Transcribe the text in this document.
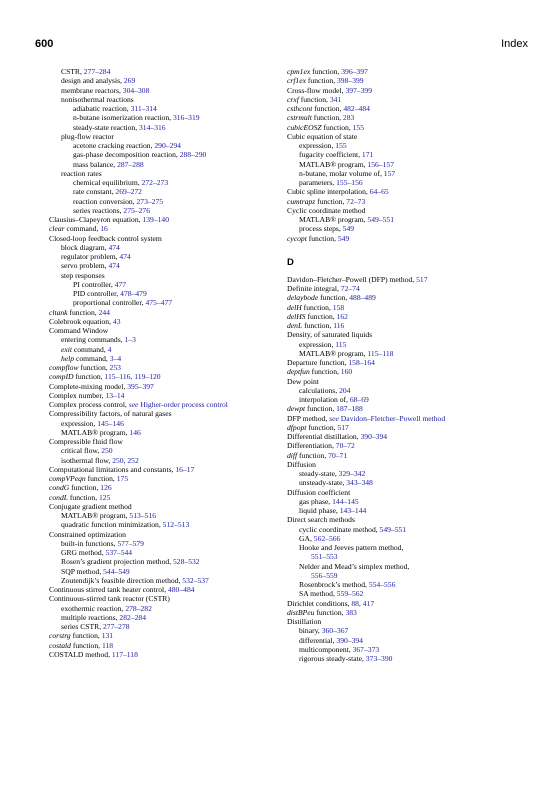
600	Index
CSTR, 277–284
design and analysis, 269
membrane reactors, 304–308
nonisothermal reactions
adiabatic reaction, 311–314
n-butane isomerization reaction, 316–319
steady-state reaction, 314–316
plug-flow reactor
acetone cracking reaction, 290–294
gas-phase decomposition reaction, 288–290
mass balance, 287–288
reaction rates
chemical equilibrium, 272–273
rate constant, 269–272
reaction conversion, 273–275
series reactions, 275–276
Clausius–Clapeyron equation, 139–140
clear command, 16
Closed-loop feedback control system
block diagram, 474
regulator problem, 474
servo problem, 474
step responses
PI controller, 477
PID controller, 478–479
proportional controller, 475–477
cltank function, 244
Colebrook equation, 43
Command Window
entering commands, 1–3
exit command, 4
help command, 3–4
compflow function, 253
compID function, 115–116, 119–120
Complete-mixing model, 395–397
Complex number, 13–14
Complex process control, see Higher-order process control
Compressibility factors, of natural gases
expression, 145–146
MATLAB® program, 146
Compressible fluid flow
critical flow, 250
isothermal flow, 250, 252
Computational limitations and constants, 16–17
compVPeqn function, 175
condG function, 126
condL function, 125
Conjugate gradient method
MATLAB® program, 513–516
quadratic function minimization, 512–513
Constrained optimization
built-in functions, 577–579
GRG method, 537–544
Rosen’s gradient projection method, 528–532
SQP method, 544–549
Zoutendijk’s feasible direction method, 532–537
Continuous stirred tank heater control, 480–484
Continuous-stirred tank reactor (CSTR)
exothermic reaction, 278–282
multiple reactions, 282–284
series CSTR, 277–278
corstrg function, 131
costald function, 118
COSTALD method, 117–118
cpm1ex function, 396–397
crf1ex function, 398–399
Cross-flow model, 397–399
crxf function, 341
csthcont function, 482–484
cstrmult function, 283
cubicEOSZ function, 155
Cubic equation of state
expression, 155
fugacity coefficient, 171
MATLAB® program, 156–157
n-butane, molar volume of, 157
parameters, 155–156
Cubic spline interpolation, 64–65
cumtrapz function, 72–73
Cyclic coordinate method
MATLAB® program, 549–551
process steps, 549
cycopt function, 549
D
Davidon–Fletcher–Powell (DFP) method, 517
Definite integral, 72–74
delaybode function, 488–489
delH function, 158
delHS function, 162
denL function, 116
Density, of saturated liquids
expression, 115
MATLAB® program, 115–118
Departure function, 158–164
deptfun function, 160
Dew point
calculations, 204
interpolation of, 68–69
dewpt function, 187–188
DFP method, see Davidon–Fletcher–Powell method
dfpopt function, 517
Differential distillation, 390–394
Differentiation, 70–72
diff function, 70–71
Diffusion
steady-state, 329–342
unsteady-state, 343–348
Diffusion coefficient
gas phase, 144–145
liquid phase, 143–144
Direct search methods
cyclic coordinate method, 549–551
GA, 562–566
Hooke and Jeeves pattern method,
551–553
Nelder and Mead’s simplex method,
556–559
Rosenbrock’s method, 554–556
SA method, 559–562
Dirichlet conditions, 88, 417
distBPeu function, 383
Distillation
binary, 360–367
differential, 390–394
multicomponent, 367–373
rigorous steady-state, 373–390
